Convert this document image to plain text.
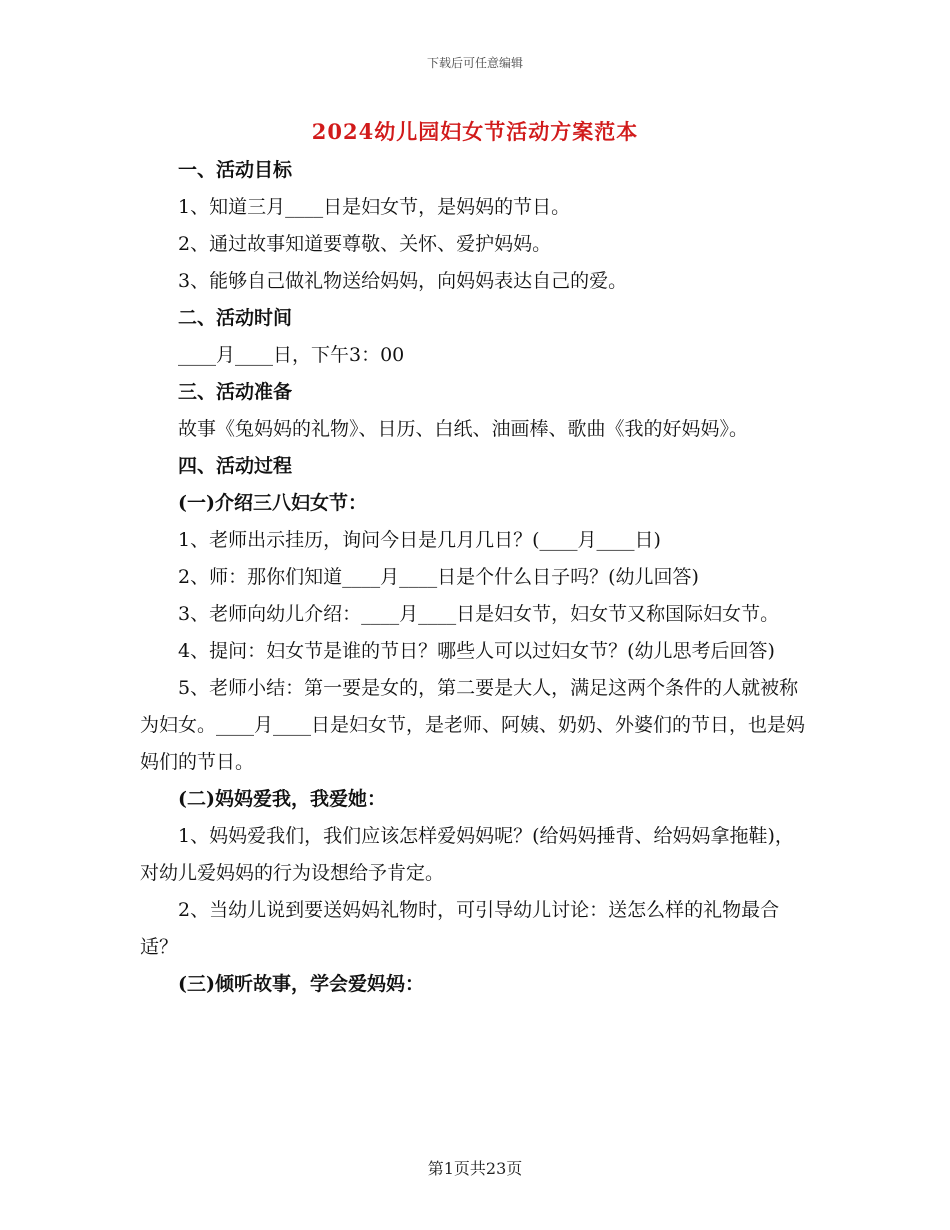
下载后可任意编辑
2024幼儿园妇女节活动方案范本

一、活动目标

1、知道三月____日是妇女节，是妈妈的节日。

2、通过故事知道要尊敬、关怀、爱护妈妈。

3、能够自己做礼物送给妈妈，向妈妈表达自己的爱。

二、活动时间

____月____日，下午3：00

三、活动准备

故事《兔妈妈的礼物》、日历、白纸、油画棒、歌曲《我的好妈妈》。

四、活动过程

(一)介绍三八妇女节：

1、老师出示挂历，询问今日是几月几日？(____月____日)

2、师：那你们知道____月____日是个什么日子吗？(幼儿回答)

3、老师向幼儿介绍：____月____日是妇女节，妇女节又称国际妇女节。

4、提问：妇女节是谁的节日？哪些人可以过妇女节？(幼儿思考后回答)

5、老师小结：第一要是女的，第二要是大人，满足这两个条件的人就被称为妇女。____月____日是妇女节，是老师、阿姨、奶奶、外婆们的节日，也是妈妈们的节日。

(二)妈妈爱我，我爱她：

1、妈妈爱我们，我们应该怎样爱妈妈呢？(给妈妈捶背、给妈妈拿拖鞋)，对幼儿爱妈妈的行为设想给予肯定。

2、当幼儿说到要送妈妈礼物时，可引导幼儿讨论：送怎么样的礼物最合适？

(三)倾听故事，学会爱妈妈：

第1页共23页
